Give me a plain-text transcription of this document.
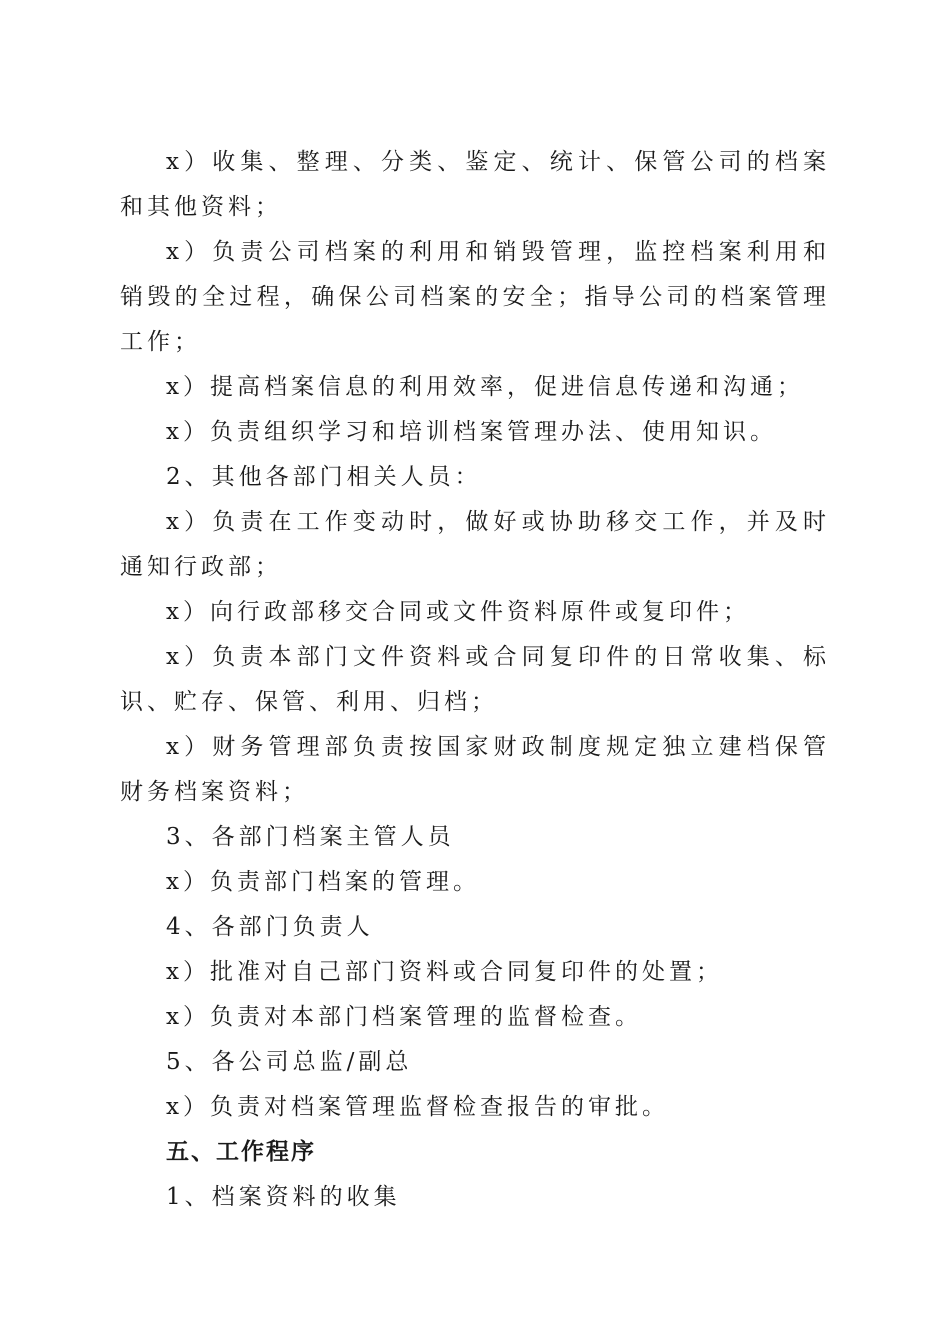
x）收集、整理、分类、鉴定、统计、保管公司的档案和其他资料；

x）负责公司档案的利用和销毁管理，监控档案利用和销毁的全过程，确保公司档案的安全；指导公司的档案管理工作；

x）提高档案信息的利用效率，促进信息传递和沟通；

x）负责组织学习和培训档案管理办法、使用知识。

2、其他各部门相关人员：

x）负责在工作变动时，做好或协助移交工作，并及时通知行政部；

x）向行政部移交合同或文件资料原件或复印件；

x）负责本部门文件资料或合同复印件的日常收集、标识、贮存、保管、利用、归档；

x）财务管理部负责按国家财政制度规定独立建档保管财务档案资料；

3、各部门档案主管人员

x）负责部门档案的管理。

4、各部门负责人

x）批准对自己部门资料或合同复印件的处置；

x）负责对本部门档案管理的监督检查。

5、各公司总监/副总

x）负责对档案管理监督检查报告的审批。

五、工作程序

1、档案资料的收集
